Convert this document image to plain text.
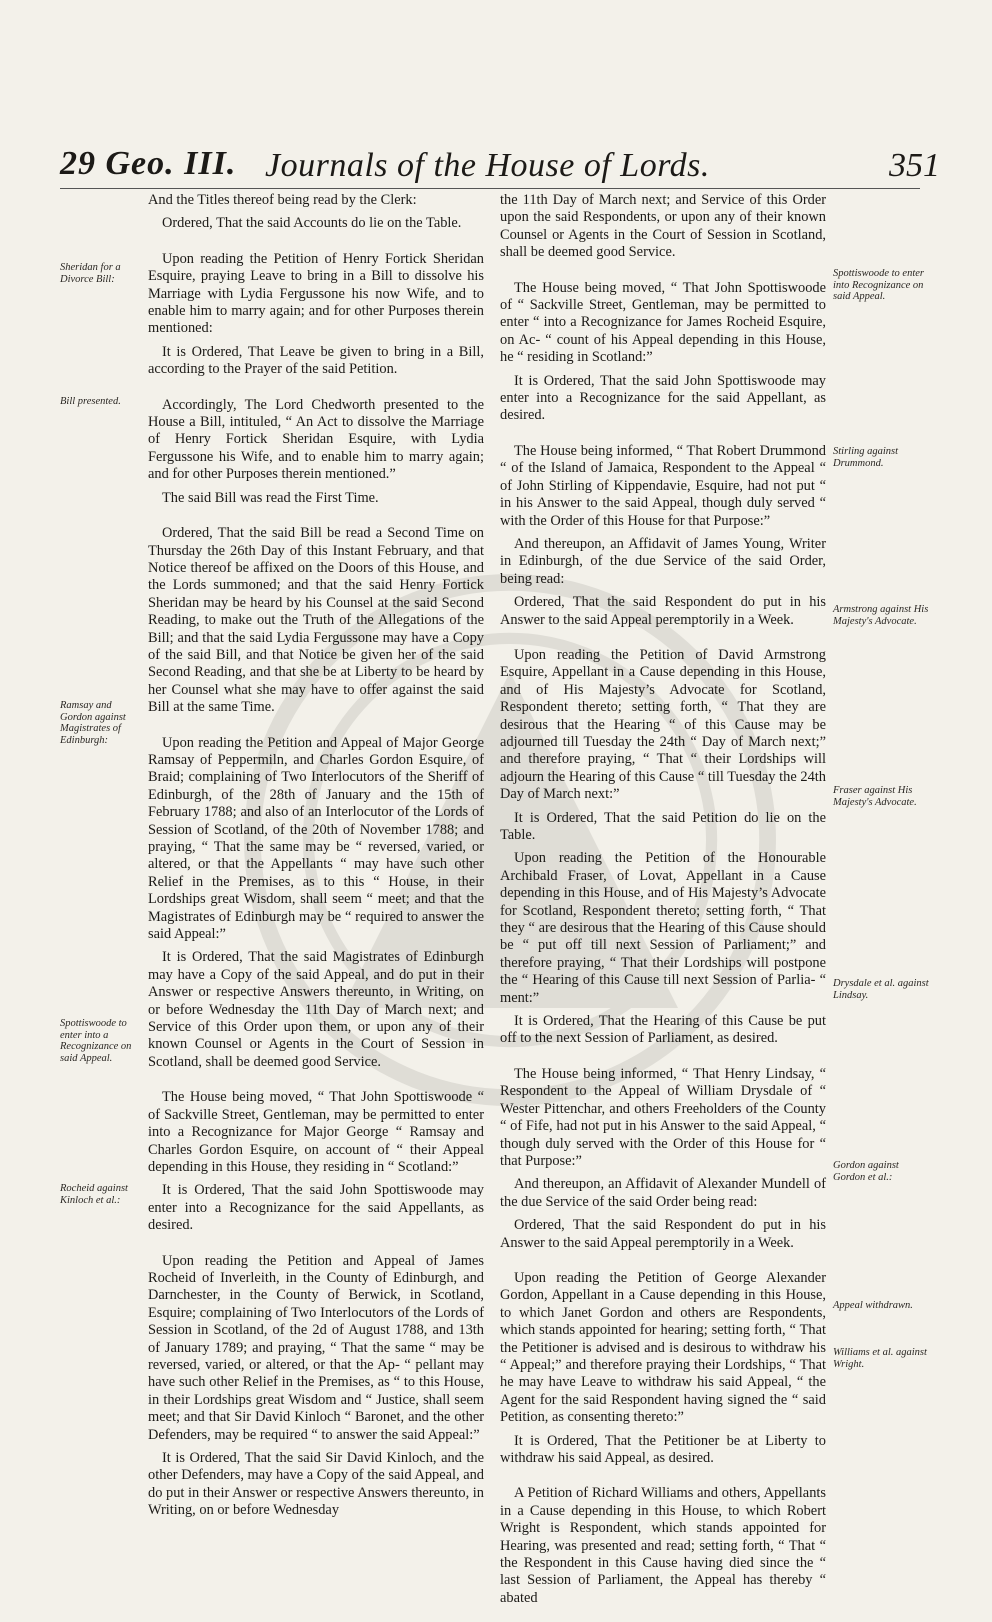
29 Geo. III. Journals of the House of Lords.	351

And the Titles thereof being read by the Clerk:

Ordered, That the said Accounts do lie on the Table.

Upon reading the Petition of Henry Fortick Sheridan Esquire, praying Leave to bring in a Bill to dissolve his Marriage with Lydia Fergussone his now Wife, and to enable him to marry again; and for other Purposes therein mentioned:

It is Ordered, That Leave be given to bring in a Bill, according to the Prayer of the said Petition.

Accordingly, The Lord Chedworth presented to the House a Bill, intituled, “ An Act to dissolve the Marriage of Henry Fortick Sheridan Esquire, with Lydia Fergussone his Wife, and to enable him to marry again; and for other Purposes therein mentioned.”

The said Bill was read the First Time.

Ordered, That the said Bill be read a Second Time on Thursday the 26th Day of this Instant February, and that Notice thereof be affixed on the Doors of this House, and the Lords summoned; and that the said Henry Fortick Sheridan may be heard by his Counsel at the said Second Reading, to make out the Truth of the Allegations of the Bill; and that the said Lydia Fergussone may have a Copy of the said Bill, and that Notice be given her of the said Second Reading, and that she be at Liberty to be heard by her Counsel what she may have to offer against the said Bill at the same Time.

Upon reading the Petition and Appeal of Major George Ramsay of Peppermiln, and Charles Gordon Esquire, of Braid; complaining of Two Interlocutors of the Sheriff of Edinburgh, of the 28th of January and the 15th of February 1788; and also of an Interlocutor of the Lords of Session of Scotland, of the 20th of November 1788; and praying, “ That the same may be “ reversed, varied, or altered, or that the Appellants “ may have such other Relief in the Premises, as to this “ House, in their Lordships great Wisdom, shall seem “ meet; and that the Magistrates of Edinburgh may be “ required to answer the said Appeal:”

It is Ordered, That the said Magistrates of Edinburgh may have a Copy of the said Appeal, and do put in their Answer or respective Answers thereunto, in Writing, on or before Wednesday the 11th Day of March next; and Service of this Order upon them, or upon any of their known Counsel or Agents in the Court of Session in Scotland, shall be deemed good Service.

The House being moved, “ That John Spottiswoode “ of Sackville Street, Gentleman, may be permitted to enter into a Recognizance for Major George “ Ramsay and Charles Gordon Esquire, on account of “ their Appeal depending in this House, they residing in “ Scotland:”

It is Ordered, That the said John Spottiswoode may enter into a Recognizance for the said Appellants, as desired.

Upon reading the Petition and Appeal of James Rocheid of Inverleith, in the County of Edinburgh, and Darnchester, in the County of Berwick, in Scotland, Esquire; complaining of Two Interlocutors of the Lords of Session in Scotland, of the 2d of August 1788, and 13th of January 1789; and praying, “ That the same “ may be reversed, varied, or altered, or that the Ap- “ pellant may have such other Relief in the Premises, as “ to this House, in their Lordships great Wisdom and “ Justice, shall seem meet; and that Sir David Kinloch “ Baronet, and the other Defenders, may be required “ to answer the said Appeal:”

It is Ordered, That the said Sir David Kinloch, and the other Defenders, may have a Copy of the said Appeal, and do put in their Answer or respective Answers thereunto, in Writing, on or before Wednesday

the 11th Day of March next; and Service of this Order upon the said Respondents, or upon any of their known Counsel or Agents in the Court of Session in Scotland, shall be deemed good Service.

The House being moved, “ That John Spottiswoode of “ Sackville Street, Gentleman, may be permitted to enter “ into a Recognizance for James Rocheid Esquire, on Ac- “ count of his Appeal depending in this House, he “ residing in Scotland:”

It is Ordered, That the said John Spottiswoode may enter into a Recognizance for the said Appellant, as desired.

The House being informed, “ That Robert Drummond “ of the Island of Jamaica, Respondent to the Appeal “ of John Stirling of Kippendavie, Esquire, had not put “ in his Answer to the said Appeal, though duly served “ with the Order of this House for that Purpose:”

And thereupon, an Affidavit of James Young, Writer in Edinburgh, of the due Service of the said Order, being read:

Ordered, That the said Respondent do put in his Answer to the said Appeal peremptorily in a Week.

Upon reading the Petition of David Armstrong Esquire, Appellant in a Cause depending in this House, and of His Majesty’s Advocate for Scotland, Respondent thereto; setting forth, “ That they are desirous that the Hearing “ of this Cause may be adjourned till Tuesday the 24th “ Day of March next;” and therefore praying, “ That “ their Lordships will adjourn the Hearing of this Cause “ till Tuesday the 24th Day of March next:”

It is Ordered, That the said Petition do lie on the Table.

Upon reading the Petition of the Honourable Archibald Fraser, of Lovat, Appellant in a Cause depending in this House, and of His Majesty’s Advocate for Scotland, Respondent thereto; setting forth, “ That they “ are desirous that the Hearing of this Cause should be “ put off till next Session of Parliament;” and therefore praying, “ That their Lordships will postpone the “ Hearing of this Cause till next Session of Parlia- “ ment:”

It is Ordered, That the Hearing of this Cause be put off to the next Session of Parliament, as desired.

The House being informed, “ That Henry Lindsay, “ Respondent to the Appeal of William Drysdale of “ Wester Pittenchar, and others Freeholders of the County “ of Fife, had not put in his Answer to the said Appeal, “ though duly served with the Order of this House for “ that Purpose:”

And thereupon, an Affidavit of Alexander Mundell of the due Service of the said Order being read:

Ordered, That the said Respondent do put in his Answer to the said Appeal peremptorily in a Week.

Upon reading the Petition of George Alexander Gordon, Appellant in a Cause depending in this House, to which Janet Gordon and others are Respondents, which stands appointed for hearing; setting forth, “ That the Petitioner is advised and is desirous to withdraw his “ Appeal;” and therefore praying their Lordships, “ That he may have Leave to withdraw his said Appeal, “ the Agent for the said Respondent having signed the “ said Petition, as consenting thereto:”

It is Ordered, That the Petitioner be at Liberty to withdraw his said Appeal, as desired.

A Petition of Richard Williams and others, Appellants in a Cause depending in this House, to which Robert Wright is Respondent, which stands appointed for Hearing, was presented and read; setting forth, “ That “ the Respondent in this Cause having died since the “ last Session of Parliament, the Appeal has thereby “ abated

Sheridan for a Divorce Bill:
Bill presented.
Ramsay and Gordon against Magistrates of Edinburgh:
Spottiswoode to enter into a Recognizance on said Appeal.
Rocheid against Kinloch et al.:
Spottiswoode to enter into Recognizance on said Appeal.
Stirling against Drummond.
Armstrong against His Majesty's Advocate.
Fraser against His Majesty's Advocate.
Drysdale et al. against Lindsay.
Gordon against Gordon et al.:
Appeal withdrawn.
Williams et al. against Wright.
